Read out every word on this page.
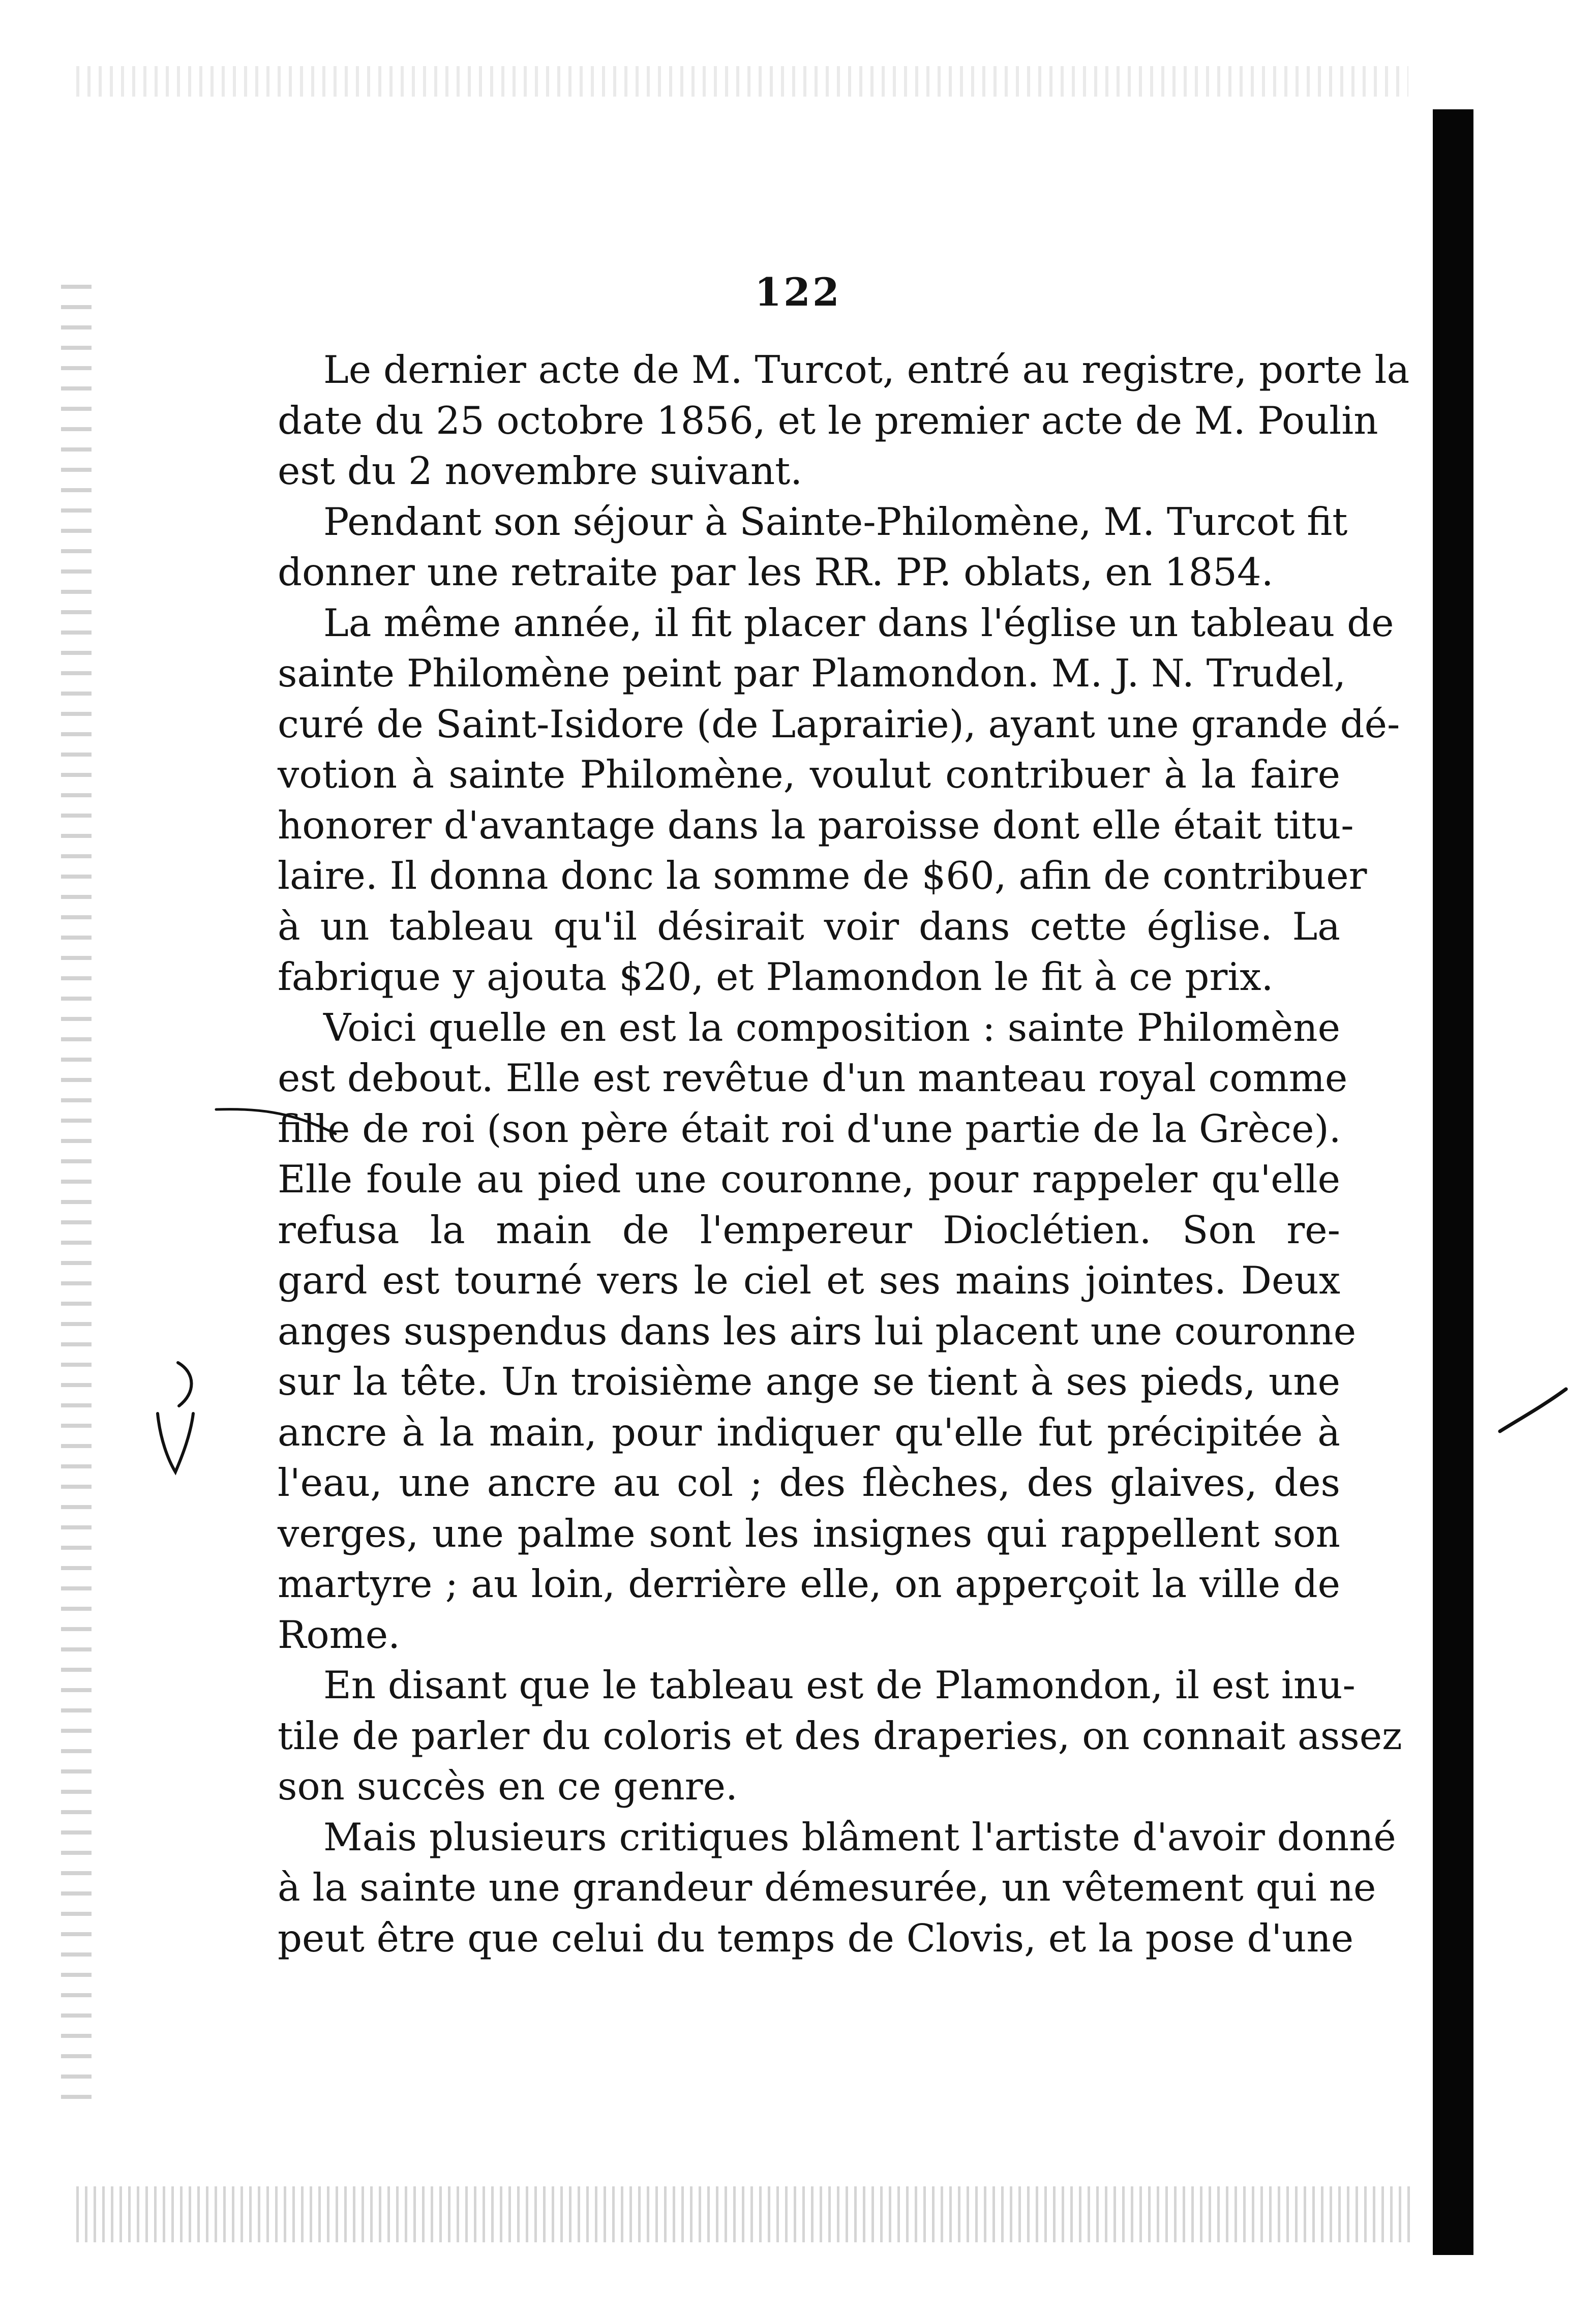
122
Le dernier acte de M. Turcot, entré au registre, porte la
date du 25 octobre 1856, et le premier acte de M. Poulin
est du 2 novembre suivant.
Pendant son séjour à Sainte-Philomène, M. Turcot fit
donner une retraite par les RR. PP. oblats, en 1854.
La même année, il fit placer dans l'église un tableau de
sainte Philomène peint par Plamondon. M. J. N. Trudel,
curé de Saint-Isidore (de Laprairie), ayant une grande dé-
votion à sainte Philomène, voulut contribuer à la faire
honorer d'avantage dans la paroisse dont elle était titu-
laire. Il donna donc la somme de $60, afin de contribuer
à un tableau qu'il désirait voir dans cette église. La
fabrique y ajouta $20, et Plamondon le fit à ce prix.
Voici quelle en est la composition : sainte Philomène
est debout. Elle est revêtue d'un manteau royal comme
fille de roi (son père était roi d'une partie de la Grèce).
Elle foule au pied une couronne, pour rappeler qu'elle
refusa la main de l'empereur Dioclétien. Son re-
gard est tourné vers le ciel et ses mains jointes. Deux
anges suspendus dans les airs lui placent une couronne
sur la tête. Un troisième ange se tient à ses pieds, une
ancre à la main, pour indiquer qu'elle fut précipitée à
l'eau, une ancre au col ; des flèches, des glaives, des
verges, une palme sont les insignes qui rappellent son
martyre ; au loin, derrière elle, on apperçoit la ville de
Rome.
En disant que le tableau est de Plamondon, il est inu-
tile de parler du coloris et des draperies, on connait assez
son succès en ce genre.
Mais plusieurs critiques blâment l'artiste d'avoir donné
à la sainte une grandeur démesurée, un vêtement qui ne
peut être que celui du temps de Clovis, et la pose d'une
